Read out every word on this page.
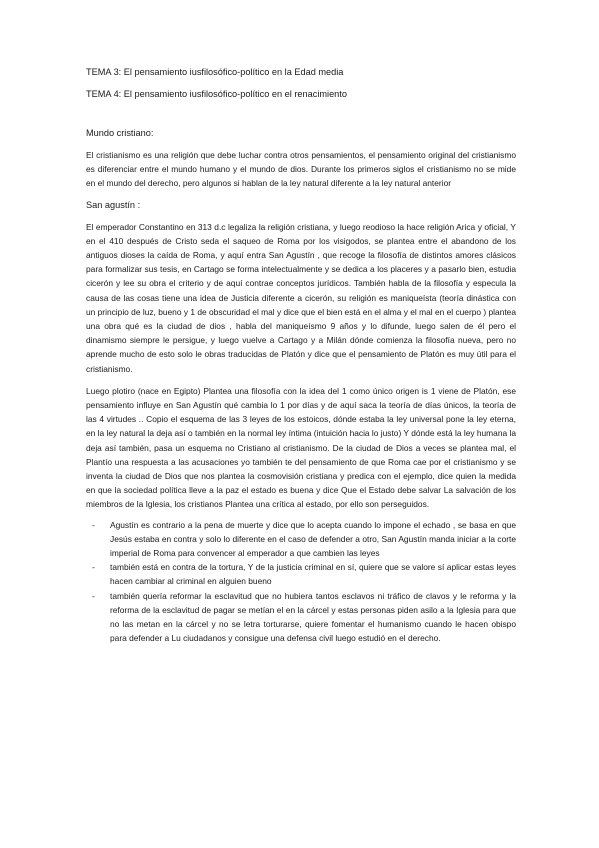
TEMA 3: El pensamiento iusfilosófico-político en la Edad media

TEMA 4: El pensamiento iusfilosófico-político en el renacimiento

Mundo cristiano:

El cristianismo es una religión que debe luchar contra otros pensamientos, el pensamiento original del cristianismo es diferenciar entre el mundo humano y el mundo de dios. Durante los primeros siglos el cristianismo no se mide en el mundo del derecho, pero algunos si hablan de la ley natural diferente a la ley natural anterior

San agustín :

El emperador Constantino en 313 d.c legaliza la religión cristiana, y luego reodioso la hace religión Arica y oficial, Y en el 410 después de Cristo seda el saqueo de Roma por los visigodos, se plantea entre el abandono de los antiguos dioses la caída de Roma, y aquí entra San Agustín , que recoge la filosofía de distintos amores clásicos para formalizar sus tesis, en Cartago se forma intelectualmente y se dedica a los placeres y a pasarlo bien, estudia cicerón y lee su obra el criterio y de aquí contrae conceptos jurídicos. También habla de la filosofía y especula la causa de las cosas tiene una idea de Justicia diferente a cicerón, su religión es maniqueísta (teoría dinástica con un principio de luz, bueno y 1 de obscuridad el mal y dice que el bien está en el alma y el mal en el cuerpo ) plantea una obra qué es la ciudad de dios , habla del maniqueísmo 9 años y lo difunde, luego salen de él pero el dinamismo siempre le persigue, y luego vuelve a Cartago y a Milán dónde comienza la filosofía nueva, pero no aprende mucho de esto solo le obras traducidas de Platón y dice que el pensamiento de Platón es muy útil para el cristianismo.

Luego plotiro (nace en Egipto) Plantea una filosofía con la idea del 1 como único origen is 1 viene de Platón, ese pensamiento influye en San Agustín qué cambia lo 1 por días y de aquí saca la teoría de días únicos, la teoría de las 4 virtudes .. Copio el esquema de las 3 leyes de los estoicos, dónde estaba la ley universal pone la ley eterna, en la ley natural la deja así o también en la normal ley íntima (intuición hacia lo justo) Y dónde está la ley humana la deja así también, pasa un esquema no Cristiano al cristianismo. De la ciudad de Dios a veces se plantea mal, el Plantío una respuesta a las acusaciones yo también te del pensamiento de que Roma cae por el cristianismo y se inventa la ciudad de Dios que nos plantea la cosmovisión cristiana y predica con el ejemplo, dice quien la medida en que la sociedad política lleve a la paz el estado es buena y dice Que el Estado debe salvar La salvación de los miembros de la Iglesia, los cristianos Plantea una crítica al estado, por ello son perseguidos.

- Agustín es contrario a la pena de muerte y dice que lo acepta cuando lo impone el echado , se basa en que Jesús estaba en contra y solo lo diferente en el caso de defender a otro, San Agustín manda iniciar a la corte imperial de Roma para convencer al emperador a que cambien las leyes
- también está en contra de la tortura, Y de la justicia criminal en sí, quiere que se valore sí aplicar estas leyes hacen cambiar al criminal en alguien bueno
- también quería reformar la esclavitud que no hubiera tantos esclavos ni tráfico de clavos y le reforma y la reforma de la esclavitud de pagar se metían el en la cárcel y estas personas piden asilo a la Iglesia para que no las metan en la cárcel y no se letra torturarse, quiere fomentar el humanismo cuando le hacen obispo para defender a Lu ciudadanos y consigue una defensa civil luego estudió en el derecho.
